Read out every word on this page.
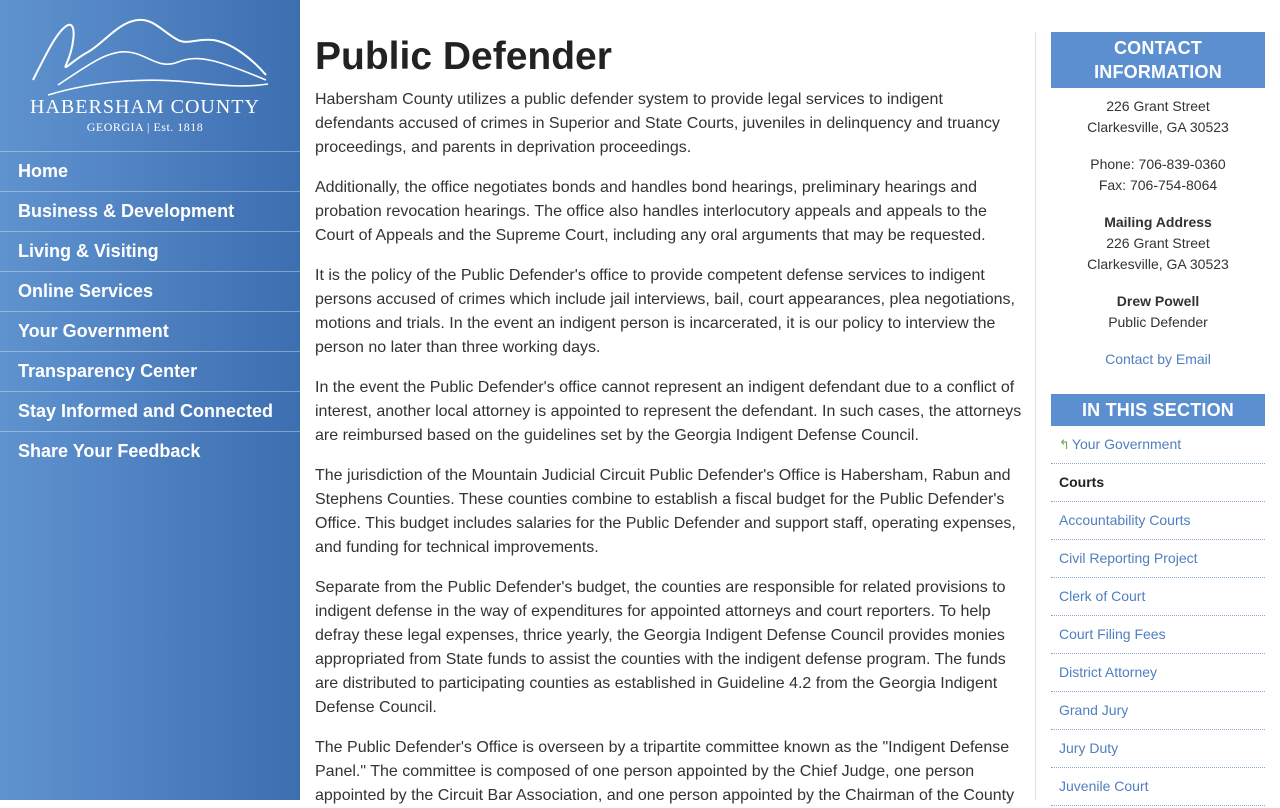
HABERSHAM COUNTY
GEORGIA | Est. 1818
Home
Business & Development
Living & Visiting
Online Services
Your Government
Transparency Center
Stay Informed and Connected
Share Your Feedback
Public Defender

Habersham County utilizes a public defender system to provide legal services to indigent defendants accused of crimes in Superior and State Courts, juveniles in delinquency and truancy proceedings, and parents in deprivation proceedings.

Additionally, the office negotiates bonds and handles bond hearings, preliminary hearings and probation revocation hearings. The office also handles interlocutory appeals and appeals to the Court of Appeals and the Supreme Court, including any oral arguments that may be requested.

It is the policy of the Public Defender's office to provide competent defense services to indigent persons accused of crimes which include jail interviews, bail, court appearances, plea negotiations, motions and trials. In the event an indigent person is incarcerated, it is our policy to interview the person no later than three working days.

In the event the Public Defender's office cannot represent an indigent defendant due to a conflict of interest, another local attorney is appointed to represent the defendant. In such cases, the attorneys are reimbursed based on the guidelines set by the Georgia Indigent Defense Council.

The jurisdiction of the Mountain Judicial Circuit Public Defender's Office is Habersham, Rabun and Stephens Counties. These counties combine to establish a fiscal budget for the Public Defender's Office. This budget includes salaries for the Public Defender and support staff, operating expenses, and funding for technical improvements.

Separate from the Public Defender's budget, the counties are responsible for related provisions to indigent defense in the way of expenditures for appointed attorneys and court reporters. To help defray these legal expenses, thrice yearly, the Georgia Indigent Defense Council provides monies appropriated from State funds to assist the counties with the indigent defense program. The funds are distributed to participating counties as established in Guideline 4.2 from the Georgia Indigent Defense Council.

The Public Defender's Office is overseen by a tripartite committee known as the "Indigent Defense Panel." The committee is composed of one person appointed by the Chief Judge, one person appointed by the Circuit Bar Association, and one person appointed by the Chairman of the County

CONTACT INFORMATION
226 Grant Street
Clarkesville, GA 30523
Phone: 706-839-0360
Fax: 706-754-8064
Mailing Address
226 Grant Street
Clarkesville, GA 30523
Drew Powell
Public Defender
Contact by Email
IN THIS SECTION
↰ Your Government
Courts
Accountability Courts
Civil Reporting Project
Clerk of Court
Court Filing Fees
District Attorney
Grand Jury
Jury Duty
Juvenile Court
